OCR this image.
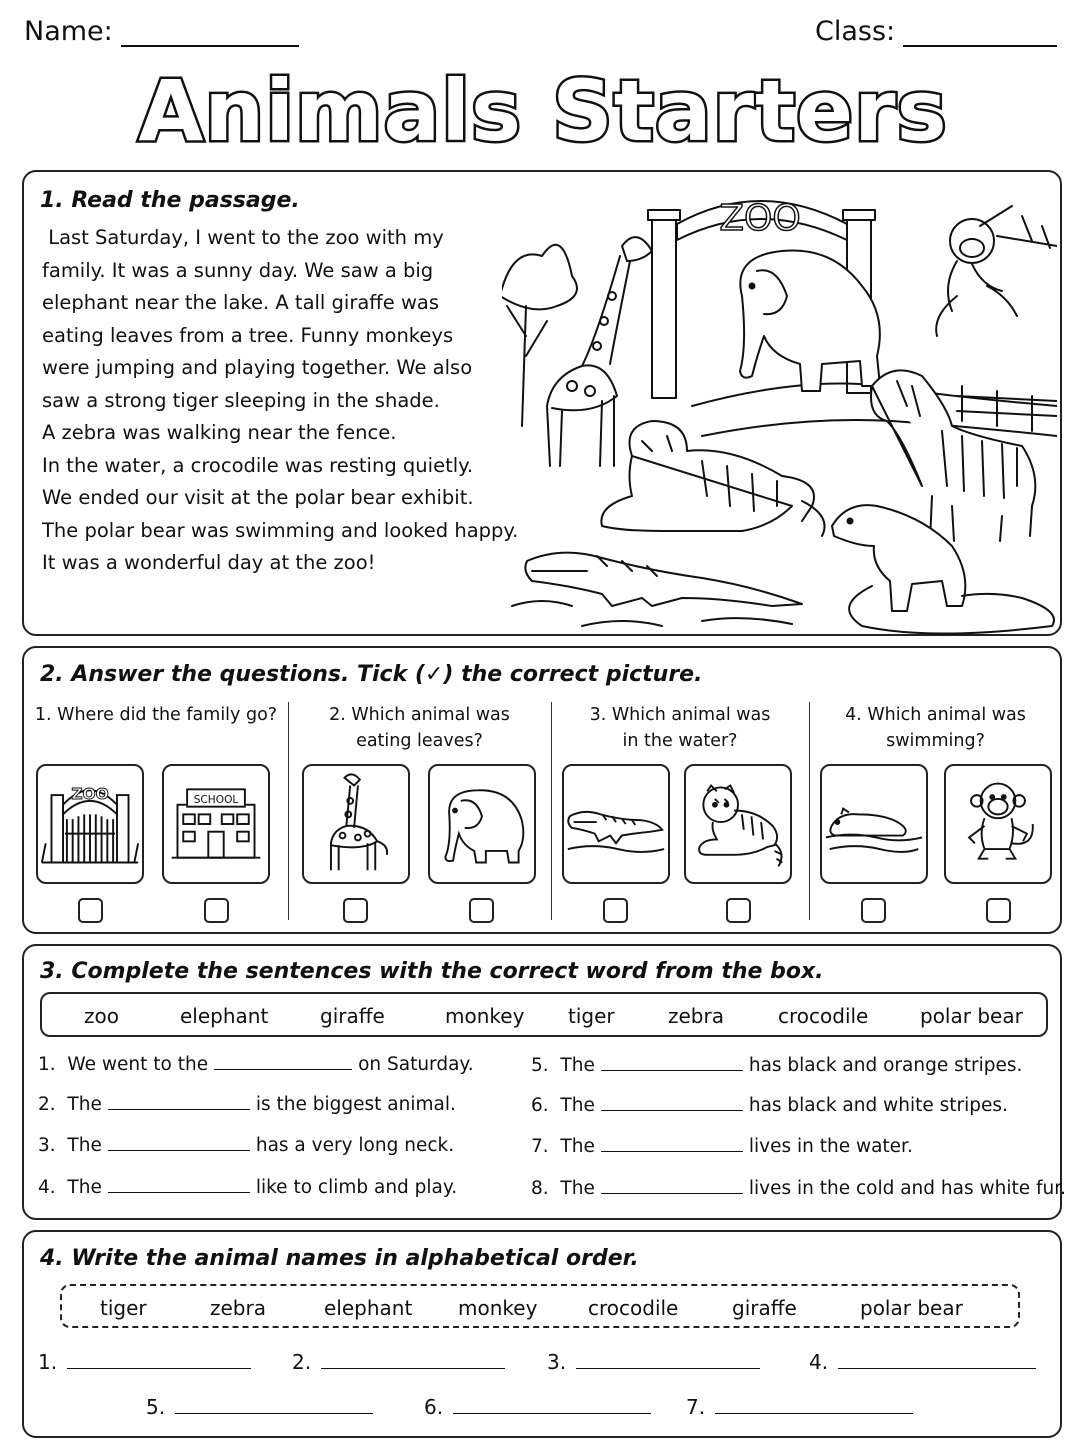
Name:	Class:
Animals Starters
1. Read the passage.
Last Saturday, I went to the zoo with my
family. It was a sunny day. We saw a big
elephant near the lake. A tall giraffe was
eating leaves from a tree. Funny monkeys
were jumping and playing together. We also
saw a strong tiger sleeping in the shade.
A zebra was walking near the fence.
In the water, a crocodile was resting quietly.
We ended our visit at the polar bear exhibit.
The polar bear was swimming and looked happy.
It was a wonderful day at the zoo!
ZOO
2. Answer the questions. Tick (✓) the correct picture.
1. Where did the family go?	2. Which animal was
eating leaves?
3. Which animal was
in the water?
4. Which animal was
swimming?
ZOO	SCHOOL
3. Complete the sentences with the correct word from the box.
zoo	elephant	giraffe	monkey tiger	zebra	crocodile	polar bear
1. We went to the	on Saturday.
2. The	is the biggest animal.
3. The	has a very long neck.
4. The	like to climb and play.
5. The	has black and orange stripes.
6. The	has black and white stripes.
7. The	lives in the water.
8. The	lives in the cold and has white fur.
4. Write the animal names in alphabetical order.
tiger	zebra	elephant monkey	crocodile	giraffe	polar bear
1.	2.	3.	4.
5.	6.	7.
